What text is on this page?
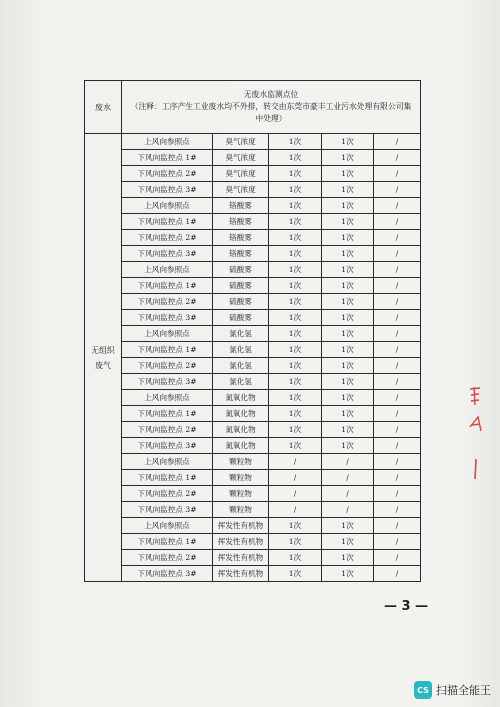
废水	无废水监测点位
（注释：工序产生工业废水均不外排，转交由东莞市豪丰工业污水处理有限公司集
中处理）				

无组织
废气	上风向参照点	臭气浓度	1次	1次	/
	下风向监控点 1#	臭气浓度	1次	1次	/
	下风向监控点 2#	臭气浓度	1次	1次	/
	下风向监控点 3#	臭气浓度	1次	1次	/
	上风向参照点	铬酸雾	1次	1次	/
	下风向监控点 1#	铬酸雾	1次	1次	/
	下风向监控点 2#	铬酸雾	1次	1次	/
	下风向监控点 3#	铬酸雾	1次	1次	/
	上风向参照点	硫酸雾	1次	1次	/
	下风向监控点 1#	硫酸雾	1次	1次	/
	下风向监控点 2#	硫酸雾	1次	1次	/
	下风向监控点 3#	硫酸雾	1次	1次	/
	上风向参照点	氯化氢	1次	1次	/
	下风向监控点 1#	氯化氢	1次	1次	/
	下风向监控点 2#	氯化氢	1次	1次	/
	下风向监控点 3#	氯化氢	1次	1次	/
	上风向参照点	氮氧化物	1次	1次	/
	下风向监控点 1#	氮氧化物	1次	1次	/
	下风向监控点 2#	氮氧化物	1次	1次	/
	下风向监控点 3#	氮氧化物	1次	1次	/
	上风向参照点	颗粒物	/	/	/
	下风向监控点 1#	颗粒物	/	/	/
	下风向监控点 2#	颗粒物	/	/	/
	下风向监控点 3#	颗粒物	/	/	/
	上风向参照点	挥发性有机物	1次	1次	/
	下风向监控点 1#	挥发性有机物	1次	1次	/
	下风向监控点 2#	挥发性有机物	1次	1次	/
	下风向监控点 3#	挥发性有机物	1次	1次	/
— 3 —
CS 扫描全能王
